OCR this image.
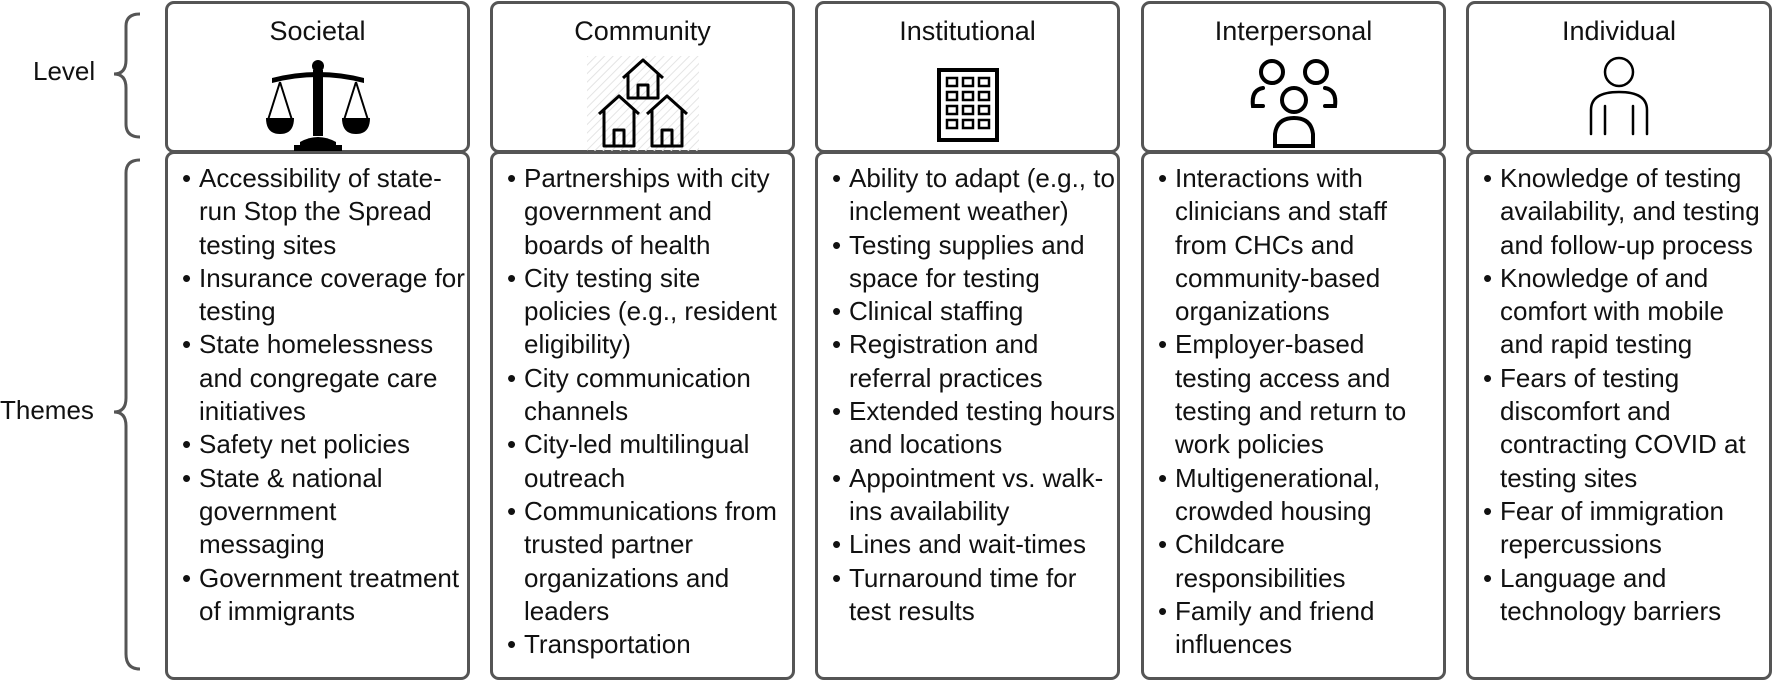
Level
Themes
Societal
• Accessibility of state-run Stop the Spread testing sites
• Insurance coverage for testing
• State homelessness and congregate care initiatives
• Safety net policies
• State & national government messaging
• Government treatment of immigrants
Community
• Partnerships with city government and boards of health
• City testing site policies (e.g., resident eligibility)
• City communication channels
• City-led multilingual outreach
• Communications from trusted partner organizations and leaders
• Transportation
Institutional
• Ability to adapt (e.g., to inclement weather)
• Testing supplies and space for testing
• Clinical staffing
• Registration and referral practices
• Extended testing hours and locations
• Appointment vs. walk-ins availability
• Lines and wait-times
• Turnaround time for test results
Interpersonal
• Interactions with clinicians and staff from CHCs and community-based organizations
• Employer-based testing access and testing and return to work policies
• Multigenerational, crowded housing
• Childcare responsibilities
• Family and friend influences
Individual
• Knowledge of testing availability, and testing and follow-up process
• Knowledge of and comfort with mobile and rapid testing
• Fears of testing discomfort and contracting COVID at testing sites
• Fear of immigration repercussions
• Language and technology barriers
